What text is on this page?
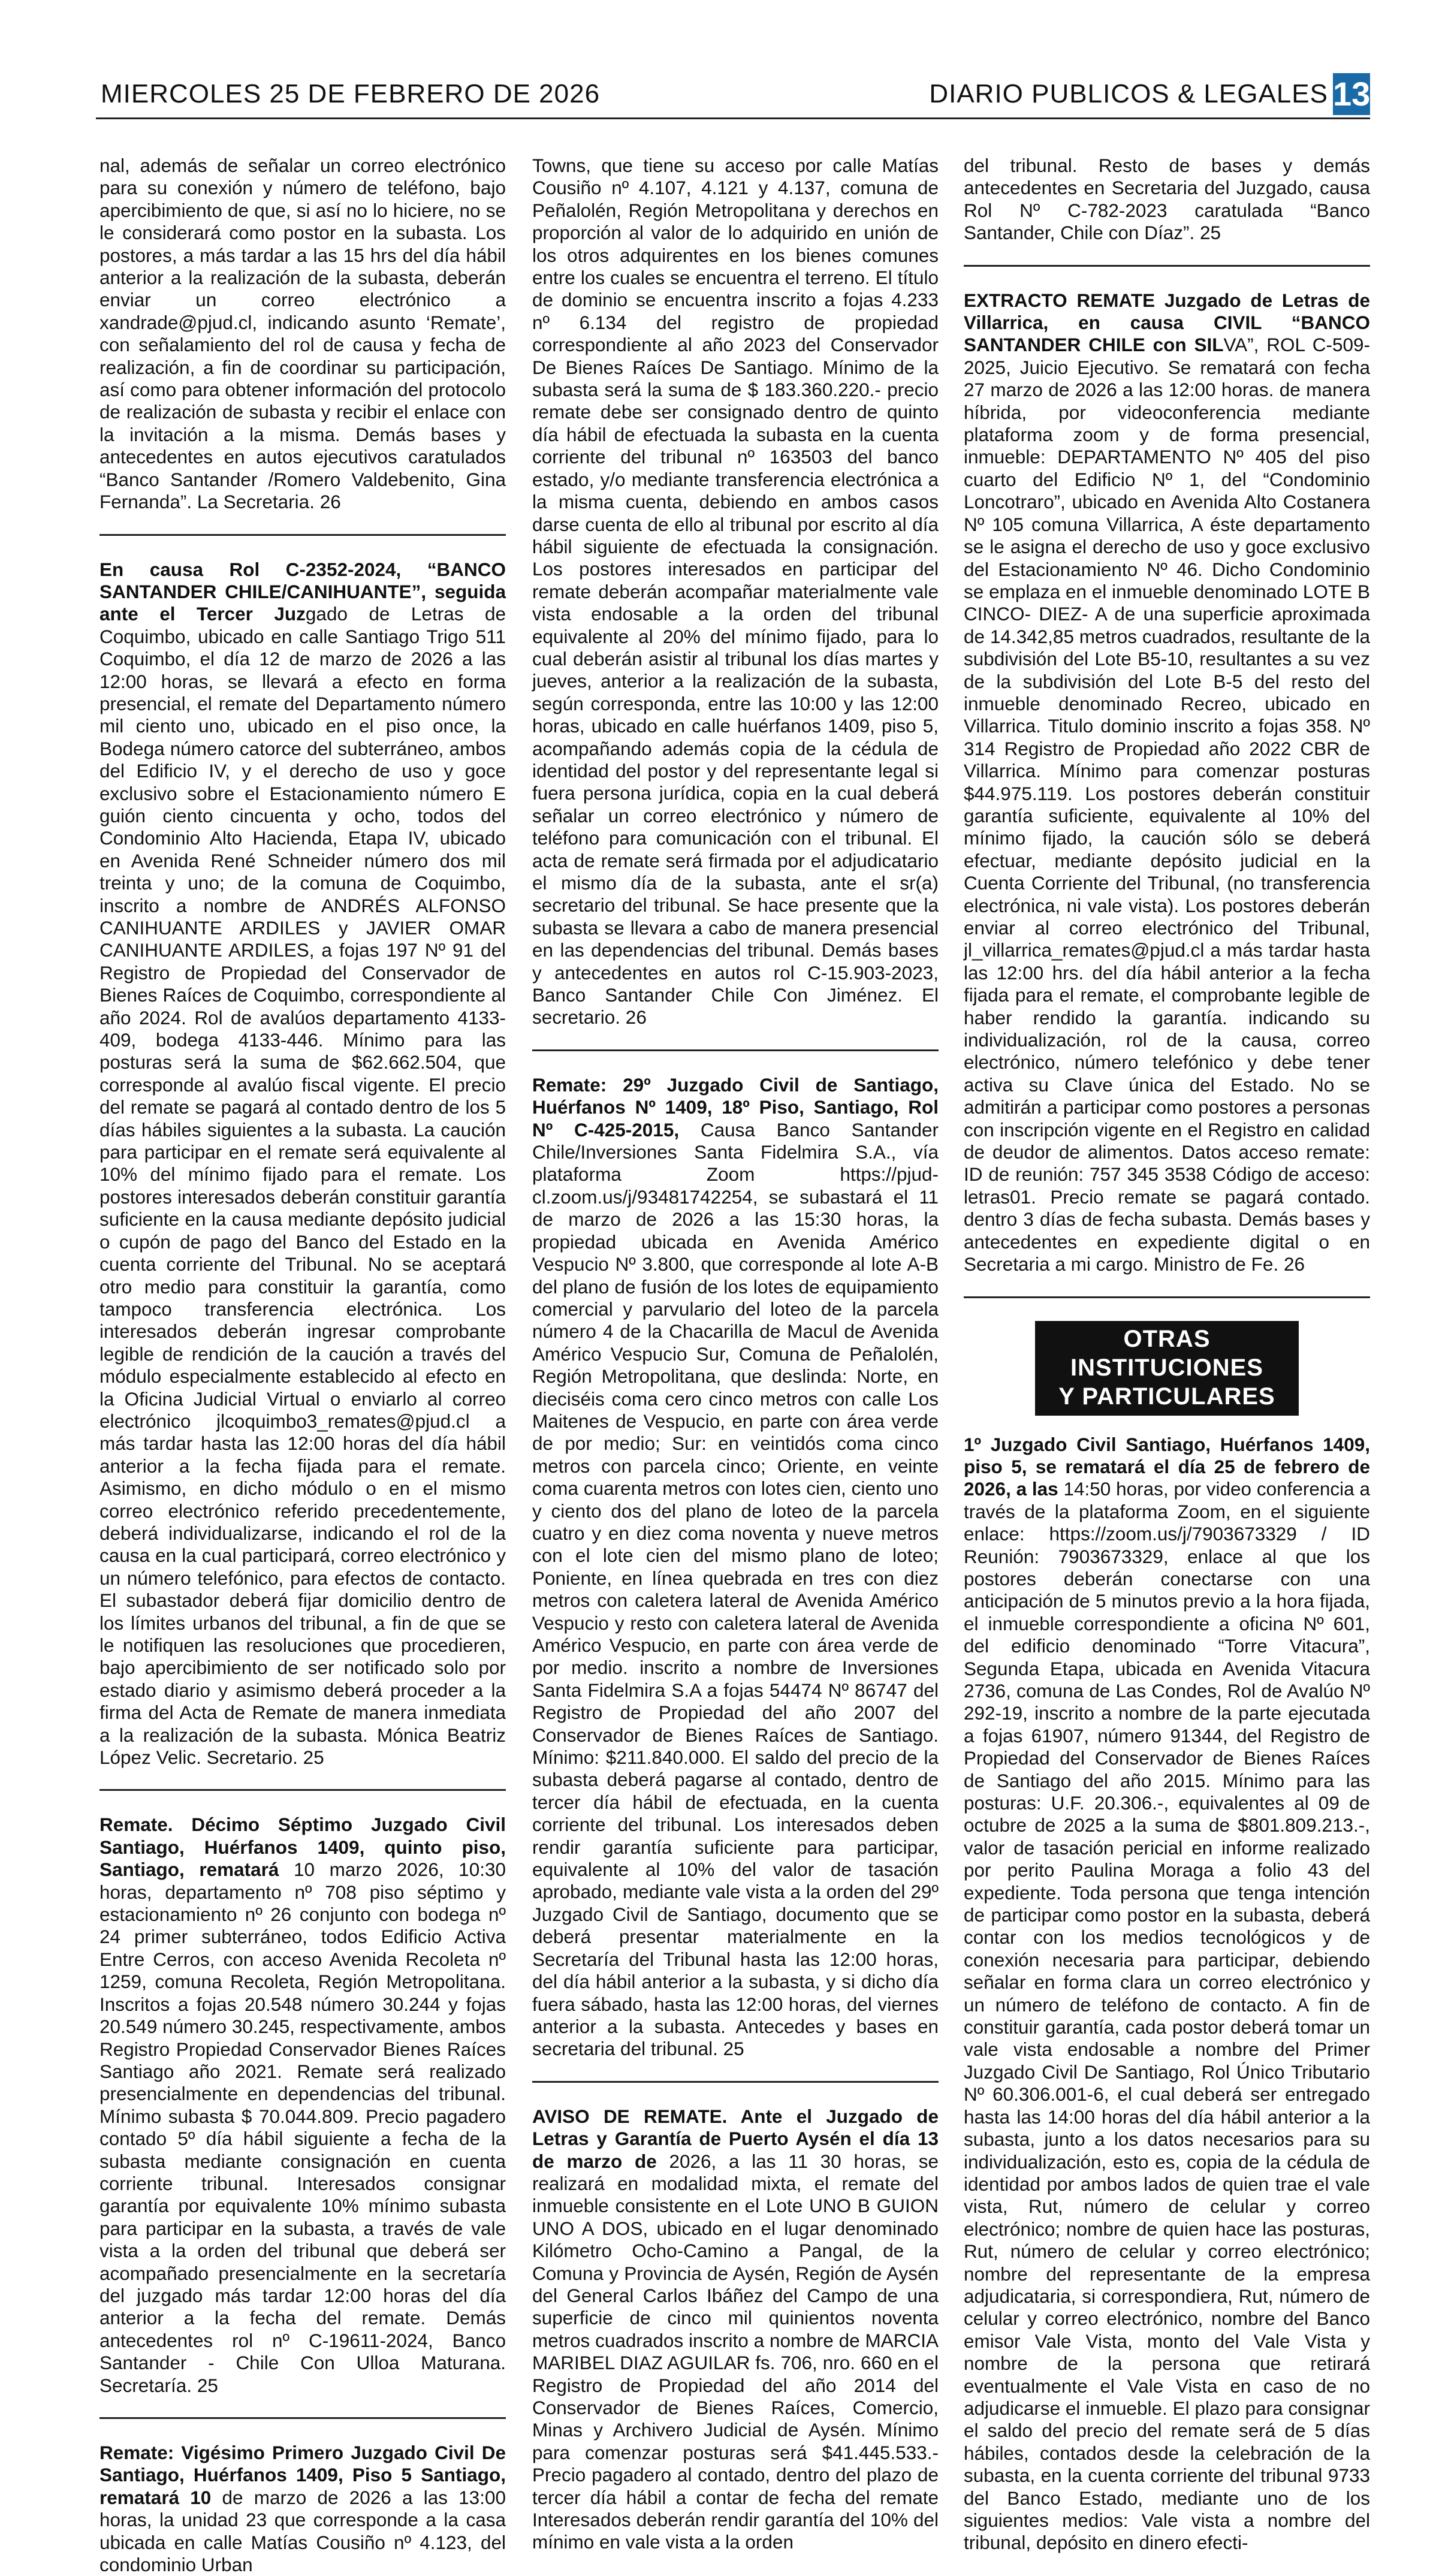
MIERCOLES 25 DE FEBRERO DE 2026	DIARIO PUBLICOS & LEGALES 13

nal, además de señalar un correo electrónico para su conexión y número de teléfono, bajo apercibimiento de que, si así no lo hiciere, no se le considerará como postor en la subasta. Los postores, a más tardar a las 15 hrs del día hábil anterior a la realización de la subasta, deberán enviar un correo electrónico a xandrade@pjud.cl, indicando asunto ‘Remate’, con señalamiento del rol de causa y fecha de realización, a fin de coordinar su participación, así como para obtener información del protocolo de realización de subasta y recibir el enlace con la invitación a la misma. Demás bases y antecedentes en autos ejecutivos caratulados “Banco Santander /Romero Valdebenito, Gina Fernanda”. La Secretaria. 26

En causa Rol C-2352-2024, “BANCO SANTANDER CHILE/CANIHUANTE”, seguida ante el Tercer Juzgado de Letras de Coquimbo, ubicado en calle Santiago Trigo 511 Coquimbo, el día 12 de marzo de 2026 a las 12:00 horas, se llevará a efecto en forma presencial, el remate del Departamento número mil ciento uno, ubicado en el piso once, la Bodega número catorce del subterráneo, ambos del Edificio IV, y el derecho de uso y goce exclusivo sobre el Estacionamiento número E guión ciento cincuenta y ocho, todos del Condominio Alto Hacienda, Etapa IV, ubicado en Avenida René Schneider número dos mil treinta y uno; de la comuna de Coquimbo, inscrito a nombre de ANDRÉS ALFONSO CANIHUANTE ARDILES y JAVIER OMAR CANIHUANTE ARDILES, a fojas 197 Nº 91 del Registro de Propiedad del Conservador de Bienes Raíces de Coquimbo, correspondiente al año 2024. Rol de avalúos departamento 4133-409, bodega 4133-446. Mínimo para las posturas será la suma de $62.662.504, que corresponde al avalúo fiscal vigente. El precio del remate se pagará al contado dentro de los 5 días hábiles siguientes a la subasta. La caución para participar en el remate será equivalente al 10% del mínimo fijado para el remate. Los postores interesados deberán constituir garantía suficiente en la causa mediante depósito judicial o cupón de pago del Banco del Estado en la cuenta corriente del Tribunal. No se aceptará otro medio para constituir la garantía, como tampoco transferencia electrónica. Los interesados deberán ingresar comprobante legible de rendición de la caución a través del módulo especialmente establecido al efecto en la Oficina Judicial Virtual o enviarlo al correo electrónico jlcoquimbo3_remates@pjud.cl a más tardar hasta las 12:00 horas del día hábil anterior a la fecha fijada para el remate. Asimismo, en dicho módulo o en el mismo correo electrónico referido precedentemente, deberá individualizarse, indicando el rol de la causa en la cual participará, correo electrónico y un número telefónico, para efectos de contacto. El subastador deberá fijar domicilio dentro de los límites urbanos del tribunal, a fin de que se le notifiquen las resoluciones que procedieren, bajo apercibimiento de ser notificado solo por estado diario y asimismo deberá proceder a la firma del Acta de Remate de manera inmediata a la realización de la subasta. Mónica Beatriz López Velic. Secretario. 25

Remate. Décimo Séptimo Juzgado Civil Santiago, Huérfanos 1409, quinto piso, Santiago, rematará 10 marzo 2026, 10:30 horas, departamento nº 708 piso séptimo y estacionamiento nº 26 conjunto con bodega nº 24 primer subterráneo, todos Edificio Activa Entre Cerros, con acceso Avenida Recoleta nº 1259, comuna Recoleta, Región Metropolitana. Inscritos a fojas 20.548 número 30.244 y fojas 20.549 número 30.245, respectivamente, ambos Registro Propiedad Conservador Bienes Raíces Santiago año 2021. Remate será realizado presencialmente en dependencias del tribunal. Mínimo subasta $ 70.044.809. Precio pagadero contado 5º día hábil siguiente a fecha de la subasta mediante consignación en cuenta corriente tribunal. Interesados consignar garantía por equivalente 10% mínimo subasta para participar en la subasta, a través de vale vista a la orden del tribunal que deberá ser acompañado presencialmente en la secretaría del juzgado más tardar 12:00 horas del día anterior a la fecha del remate. Demás antecedentes rol nº C-19611-2024, Banco Santander - Chile Con Ulloa Maturana. Secretaría. 25

Remate: Vigésimo Primero Juzgado Civil De Santiago, Huérfanos 1409, Piso 5 Santiago, rematará 10 de marzo de 2026 a las 13:00 horas, la unidad 23 que corresponde a la casa ubicada en calle Matías Cousiño nº 4.123, del condominio Urban

Towns, que tiene su acceso por calle Matías Cousiño nº 4.107, 4.121 y 4.137, comuna de Peñalolén, Región Metropolitana y derechos en proporción al valor de lo adquirido en unión de los otros adquirentes en los bienes comunes entre los cuales se encuentra el terreno. El título de dominio se encuentra inscrito a fojas 4.233 nº 6.134 del registro de propiedad correspondiente al año 2023 del Conservador De Bienes Raíces De Santiago. Mínimo de la subasta será la suma de $ 183.360.220.- precio remate debe ser consignado dentro de quinto día hábil de efectuada la subasta en la cuenta corriente del tribunal nº 163503 del banco estado, y/o mediante transferencia electrónica a la misma cuenta, debiendo en ambos casos darse cuenta de ello al tribunal por escrito al día hábil siguiente de efectuada la consignación. Los postores interesados en participar del remate deberán acompañar materialmente vale vista endosable a la orden del tribunal equivalente al 20% del mínimo fijado, para lo cual deberán asistir al tribunal los días martes y jueves, anterior a la realización de la subasta, según corresponda, entre las 10:00 y las 12:00 horas, ubicado en calle huérfanos 1409, piso 5, acompañando además copia de la cédula de identidad del postor y del representante legal si fuera persona jurídica, copia en la cual deberá señalar un correo electrónico y número de teléfono para comunicación con el tribunal. El acta de remate será firmada por el adjudicatario el mismo día de la subasta, ante el sr(a) secretario del tribunal. Se hace presente que la subasta se llevara a cabo de manera presencial en las dependencias del tribunal. Demás bases y antecedentes en autos rol C-15.903-2023, Banco Santander Chile Con Jiménez. El secretario. 26

Remate: 29º Juzgado Civil de Santiago, Huérfanos Nº 1409, 18º Piso, Santiago, Rol Nº C-425-2015, Causa Banco Santander Chile/Inversiones Santa Fidelmira S.A., vía plataforma Zoom https://pjud-cl.zoom.us/j/93481742254, se subastará el 11 de marzo de 2026 a las 15:30 horas, la propiedad ubicada en Avenida Américo Vespucio Nº 3.800, que corresponde al lote A-B del plano de fusión de los lotes de equipamiento comercial y parvulario del loteo de la parcela número 4 de la Chacarilla de Macul de Avenida Américo Vespucio Sur, Comuna de Peñalolén, Región Metropolitana, que deslinda: Norte, en dieciséis coma cero cinco metros con calle Los Maitenes de Vespucio, en parte con área verde de por medio; Sur: en veintidós coma cinco metros con parcela cinco; Oriente, en veinte coma cuarenta metros con lotes cien, ciento uno y ciento dos del plano de loteo de la parcela cuatro y en diez coma noventa y nueve metros con el lote cien del mismo plano de loteo; Poniente, en línea quebrada en tres con diez metros con caletera lateral de Avenida Américo Vespucio y resto con caletera lateral de Avenida Américo Vespucio, en parte con área verde de por medio. inscrito a nombre de Inversiones Santa Fidelmira S.A a fojas 54474 Nº 86747 del Registro de Propiedad del año 2007 del Conservador de Bienes Raíces de Santiago. Mínimo: $211.840.000. El saldo del precio de la subasta deberá pagarse al contado, dentro de tercer día hábil de efectuada, en la cuenta corriente del tribunal. Los interesados deben rendir garantía suficiente para participar, equivalente al 10% del valor de tasación aprobado, mediante vale vista a la orden del 29º Juzgado Civil de Santiago, documento que se deberá presentar materialmente en la Secretaría del Tribunal hasta las 12:00 horas, del día hábil anterior a la subasta, y si dicho día fuera sábado, hasta las 12:00 horas, del viernes anterior a la subasta. Antecedes y bases en secretaria del tribunal. 25

AVISO DE REMATE. Ante el Juzgado de Letras y Garantía de Puerto Aysén el día 13 de marzo de 2026, a las 11 30 horas, se realizará en modalidad mixta, el remate del inmueble consistente en el Lote UNO B GUION UNO A DOS, ubicado en el lugar denominado Kilómetro Ocho-Camino a Pangal, de la Comuna y Provincia de Aysén, Región de Aysén del General Carlos Ibáñez del Campo de una superficie de cinco mil quinientos noventa metros cuadrados inscrito a nombre de MARCIA MARIBEL DIAZ AGUILAR fs. 706, nro. 660 en el Registro de Propiedad del año 2014 del Conservador de Bienes Raíces, Comercio, Minas y Archivero Judicial de Aysén. Mínimo para comenzar posturas será $41.445.533.- Precio pagadero al contado, dentro del plazo de tercer día hábil a contar de fecha del remate Interesados deberán rendir garantía del 10% del mínimo en vale vista a la orden

del tribunal. Resto de bases y demás antecedentes en Secretaria del Juzgado, causa Rol Nº C-782-2023 caratulada “Banco Santander, Chile con Díaz”. 25

EXTRACTO REMATE Juzgado de Letras de Villarrica, en causa CIVIL “BANCO SANTANDER CHILE con SILVA”, ROL C-509-2025, Juicio Ejecutivo. Se rematará con fecha 27 marzo de 2026 a las 12:00 horas. de manera híbrida, por videoconferencia mediante plataforma zoom y de forma presencial, inmueble: DEPARTAMENTO Nº 405 del piso cuarto del Edificio Nº 1, del “Condominio Loncotraro”, ubicado en Avenida Alto Costanera Nº 105 comuna Villarrica, A éste departamento se le asigna el derecho de uso y goce exclusivo del Estacionamiento Nº 46. Dicho Condominio se emplaza en el inmueble denominado LOTE B CINCO- DIEZ- A de una superficie aproximada de 14.342,85 metros cuadrados, resultante de la subdivisión del Lote B5-10, resultantes a su vez de la subdivisión del Lote B-5 del resto del inmueble denominado Recreo, ubicado en Villarrica. Titulo dominio inscrito a fojas 358. Nº 314 Registro de Propiedad año 2022 CBR de Villarrica. Mínimo para comenzar posturas $44.975.119. Los postores deberán constituir garantía suficiente, equivalente al 10% del mínimo fijado, la caución sólo se deberá efectuar, mediante depósito judicial en la Cuenta Corriente del Tribunal, (no transferencia electrónica, ni vale vista). Los postores deberán enviar al correo electrónico del Tribunal, jl_villarrica_remates@pjud.cl a más tardar hasta las 12:00 hrs. del día hábil anterior a la fecha fijada para el remate, el comprobante legible de haber rendido la garantía. indicando su individualización, rol de la causa, correo electrónico, número telefónico y debe tener activa su Clave única del Estado. No se admitirán a participar como postores a personas con inscripción vigente en el Registro en calidad de deudor de alimentos. Datos acceso remate: ID de reunión: 757 345 3538 Código de acceso: letras01. Precio remate se pagará contado. dentro 3 días de fecha subasta. Demás bases y antecedentes en expediente digital o en Secretaria a mi cargo. Ministro de Fe. 26

OTRAS INSTITUCIONES
Y PARTICULARES

1º Juzgado Civil Santiago, Huérfanos 1409, piso 5, se rematará el día 25 de febrero de 2026, a las 14:50 horas, por video conferencia a través de la plataforma Zoom, en el siguiente enlace: https://zoom.us/j/7903673329 / ID Reunión: 7903673329, enlace al que los postores deberán conectarse con una anticipación de 5 minutos previo a la hora fijada, el inmueble correspondiente a oficina Nº 601, del edificio denominado “Torre Vitacura”, Segunda Etapa, ubicada en Avenida Vitacura 2736, comuna de Las Condes, Rol de Avalúo Nº 292-19, inscrito a nombre de la parte ejecutada a fojas 61907, número 91344, del Registro de Propiedad del Conservador de Bienes Raíces de Santiago del año 2015. Mínimo para las posturas: U.F. 20.306.-, equivalentes al 09 de octubre de 2025 a la suma de $801.809.213.-, valor de tasación pericial en informe realizado por perito Paulina Moraga a folio 43 del expediente. Toda persona que tenga intención de participar como postor en la subasta, deberá contar con los medios tecnológicos y de conexión necesaria para participar, debiendo señalar en forma clara un correo electrónico y un número de teléfono de contacto. A fin de constituir garantía, cada postor deberá tomar un vale vista endosable a nombre del Primer Juzgado Civil De Santiago, Rol Único Tributario Nº 60.306.001-6, el cual deberá ser entregado hasta las 14:00 horas del día hábil anterior a la subasta, junto a los datos necesarios para su individualización, esto es, copia de la cédula de identidad por ambos lados de quien trae el vale vista, Rut, número de celular y correo electrónico; nombre de quien hace las posturas, Rut, número de celular y correo electrónico; nombre del representante de la empresa adjudicataria, si correspondiera, Rut, número de celular y correo electrónico, nombre del Banco emisor Vale Vista, monto del Vale Vista y nombre de la persona que retirará eventualmente el Vale Vista en caso de no adjudicarse el inmueble. El plazo para consignar el saldo del precio del remate será de 5 días hábiles, contados desde la celebración de la subasta, en la cuenta corriente del tribunal 9733 del Banco Estado, mediante uno de los siguientes medios: Vale vista a nombre del tribunal, depósito en dinero efecti-
